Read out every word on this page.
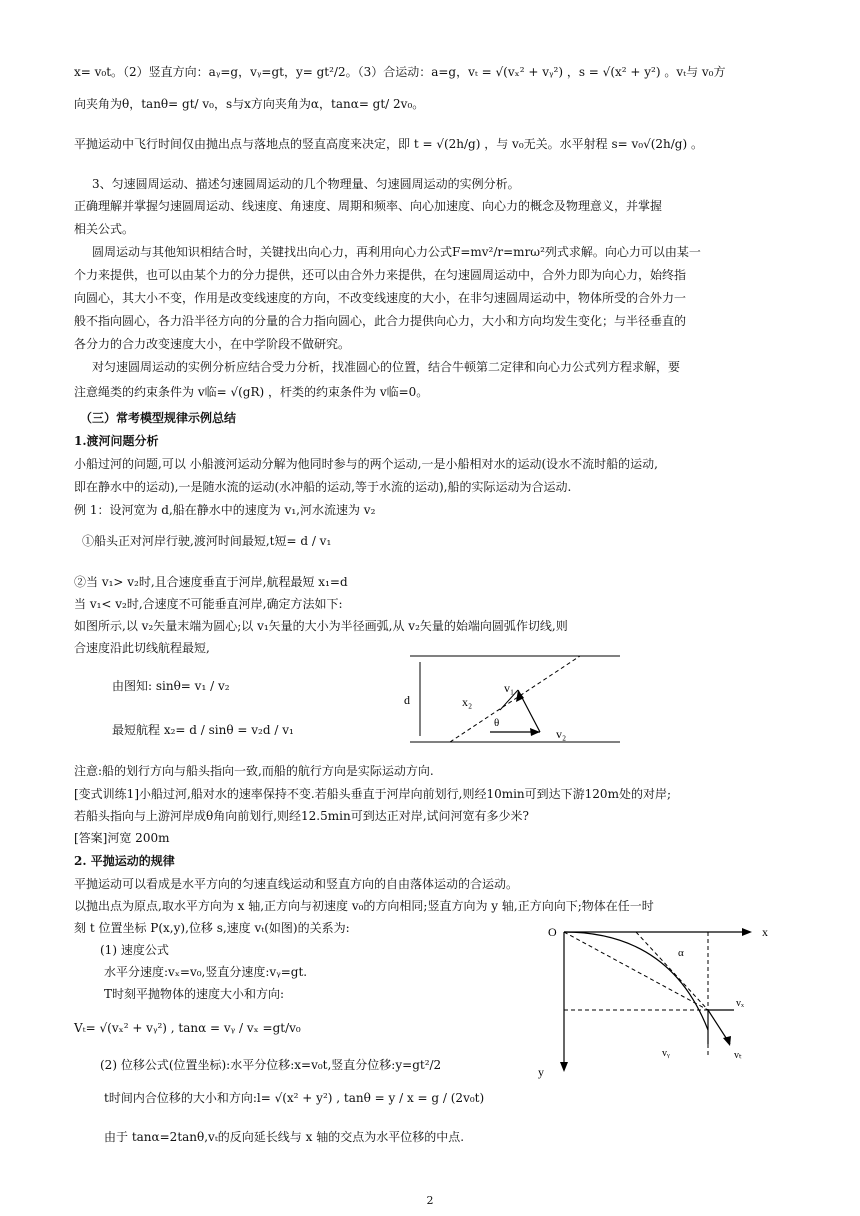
x= v₀t。（2）竖直方向：aᵧ=g，vᵧ=gt，y= gt²/2。（3）合运动：a=g，vₜ = √(vₓ² + vᵧ²) ，s = √(x² + y²) 。vₜ与 v₀方
向夹角为θ，tanθ= gt/ v₀，s与x方向夹角为α，tanα= gt/ 2v₀。
平抛运动中飞行时间仅由抛出点与落地点的竖直高度来决定，即 t = √(2h/g) ，与 v₀无关。水平射程 s= v₀√(2h/g) 。
3、匀速圆周运动、描述匀速圆周运动的几个物理量、匀速圆周运动的实例分析。
正确理解并掌握匀速圆周运动、线速度、角速度、周期和频率、向心加速度、向心力的概念及物理意义，并掌握
相关公式。
圆周运动与其他知识相结合时，关键找出向心力，再利用向心力公式F=mv²/r=mrω²列式求解。向心力可以由某一
个力来提供，也可以由某个力的分力提供，还可以由合外力来提供，在匀速圆周运动中，合外力即为向心力，始终指
向圆心，其大小不变，作用是改变线速度的方向，不改变线速度的大小，在非匀速圆周运动中，物体所受的合外力一
般不指向圆心，各力沿半径方向的分量的合力指向圆心，此合力提供向心力，大小和方向均发生变化；与半径垂直的
各分力的合力改变速度大小，在中学阶段不做研究。
对匀速圆周运动的实例分析应结合受力分析，找准圆心的位置，结合牛顿第二定律和向心力公式列方程求解，要
注意绳类的约束条件为 v临= √(gR) ，杆类的约束条件为 v临=0。
（三）常考模型规律示例总结
1.渡河问题分析
小船过河的问题,可以 小船渡河运动分解为他同时参与的两个运动,一是小船相对水的运动(设水不流时船的运动,
即在静水中的运动),一是随水流的运动(水冲船的运动,等于水流的运动),船的实际运动为合运动.
例 1：设河宽为 d,船在静水中的速度为 v₁,河水流速为 v₂
①船头正对河岸行驶,渡河时间最短,t短= d / v₁
②当 v₁> v₂时,且合速度垂直于河岸,航程最短 x₁=d
当 v₁< v₂时,合速度不可能垂直河岸,确定方法如下:
如图所示,以 v₂矢量末端为圆心;以 v₁矢量的大小为半径画弧,从 v₂矢量的始端向圆弧作切线,则
合速度沿此切线航程最短,
由图知: sinθ= v₁ / v₂
最短航程 x₂= d / sinθ = v₂d / v₁
注意:船的划行方向与船头指向一致,而船的航行方向是实际运动方向.
[变式训练1]小船过河,船对水的速率保持不变.若船头垂直于河岸向前划行,则经10min可到达下游120m处的对岸;
若船头指向与上游河岸成θ角向前划行,则经12.5min可到达正对岸,试问河宽有多少米?
[答案]河宽 200m
2. 平抛运动的规律
平抛运动可以看成是水平方向的匀速直线运动和竖直方向的自由落体运动的合运动。
以抛出点为原点,取水平方向为 x 轴,正方向与初速度 v₀的方向相同;竖直方向为 y 轴,正方向向下;物体在任一时
刻 t 位置坐标 P(x,y),位移 s,速度 vₜ(如图)的关系为:
(1) 速度公式
水平分速度:vₓ=v₀,竖直分速度:vᵧ=gt.
T时刻平抛物体的速度大小和方向:
Vₜ= √(vₓ² + vᵧ²) , tanα = vᵧ / vₓ =gt/v₀
(2) 位移公式(位置坐标):水平分位移:x=v₀t,竖直分位移:y=gt²/2
t时间内合位移的大小和方向:l= √(x² + y²) , tanθ = y / x = g / (2v₀t)
由于 tanα=2tanθ,vₜ的反向延长线与 x 轴的交点为水平位移的中点.
d	x₂
v₁
θ
v₂
O	x
y
α
vₓ
vᵧ	vₜ
2
